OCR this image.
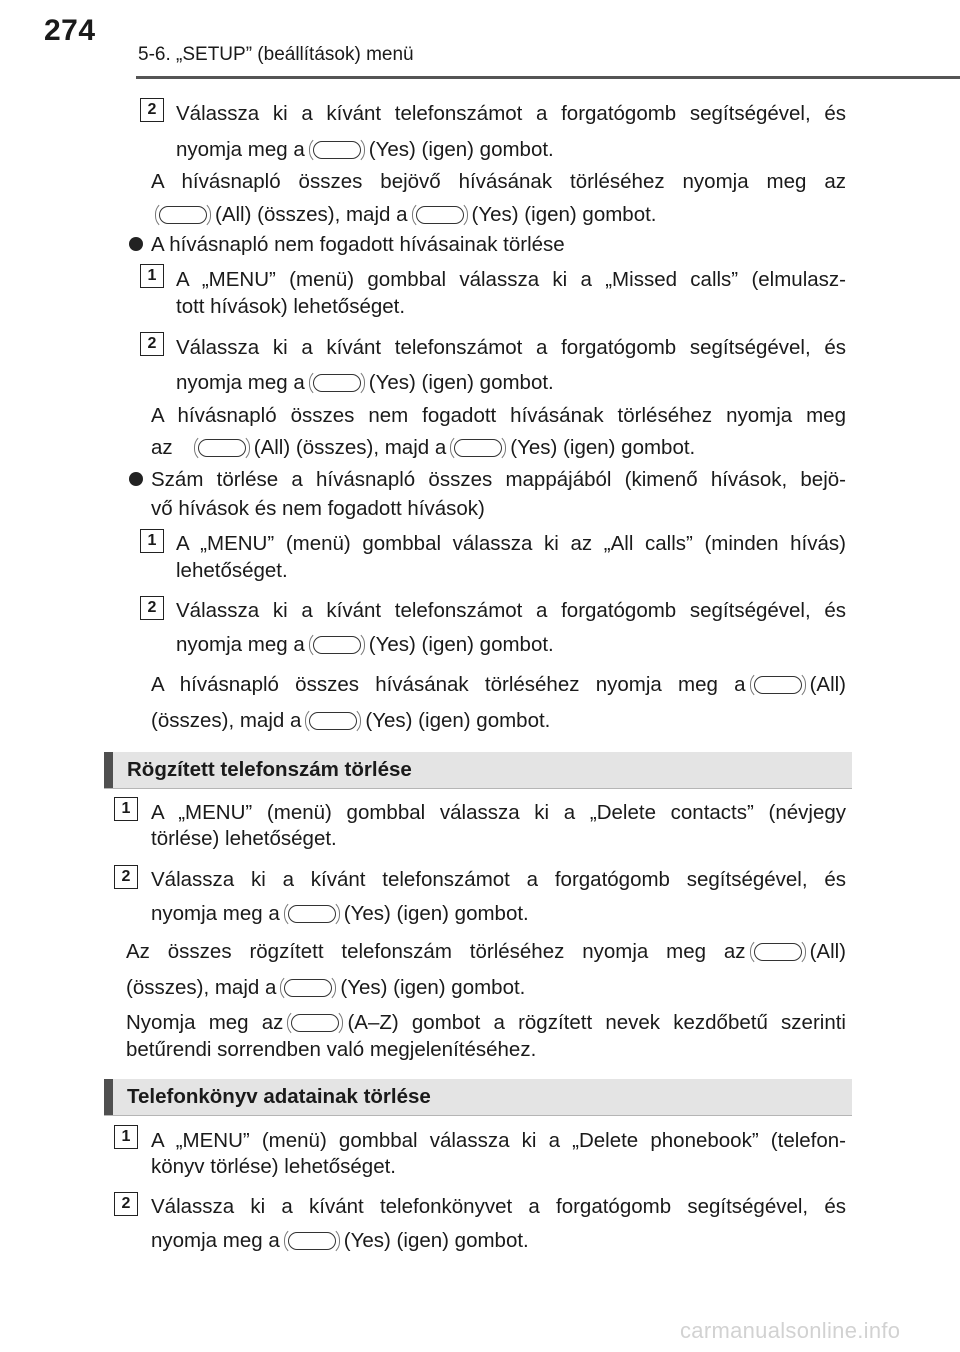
274
5-6. „SETUP” (beállítások) menü
2 Válassza ki a kívánt telefonszámot a forgatógomb segítségével, és
nyomja meg a	(Yes) (igen) gombot.
A hívásnapló összes bejövő hívásának törléséhez nyomja meg az
(All) (összes), majd a	(Yes) (igen) gombot.
A hívásnapló nem fogadott hívásainak törlése
1 A „MENU” (menü) gombbal válassza ki a „Missed calls” (elmulasz-
tott hívások) lehetőséget.
2 Válassza ki a kívánt telefonszámot a forgatógomb segítségével, és
nyomja meg a	(Yes) (igen) gombot.
A hívásnapló összes nem fogadott hívásának törléséhez nyomja meg
az	(All) (összes), majd a	(Yes) (igen) gombot.
Szám törlése a hívásnapló összes mappájából (kimenő hívások, bejö-
vő hívások és nem fogadott hívások)
1 A „MENU” (menü) gombbal válassza ki az „All calls” (minden hívás)
lehetőséget.
2 Válassza ki a kívánt telefonszámot a forgatógomb segítségével, és
nyomja meg a	(Yes) (igen) gombot.
A hívásnapló összes hívásának törléséhez nyomja meg a	(All)
(összes), majd a	(Yes) (igen) gombot.
Rögzített telefonszám törlése
1	A „MENU” (menü) gombbal válassza ki a „Delete contacts” (névjegy
törlése) lehetőséget.
2	Válassza ki a kívánt telefonszámot a forgatógomb segítségével, és
nyomja meg a	(Yes) (igen) gombot.
Az összes rögzített telefonszám törléséhez nyomja meg az	(All)
(összes), majd a	(Yes) (igen) gombot.
Nyomja meg az	(A–Z) gombot a rögzített nevek kezdőbetű szerinti
betűrendi sorrendben való megjelenítéséhez.
Telefonkönyv adatainak törlése
1	A „MENU” (menü) gombbal válassza ki a „Delete phonebook” (telefon-
könyv törlése) lehetőséget.
2	Válassza ki a kívánt telefonkönyvet a forgatógomb segítségével, és
nyomja meg a	(Yes) (igen) gombot.
carmanualsonline.info
